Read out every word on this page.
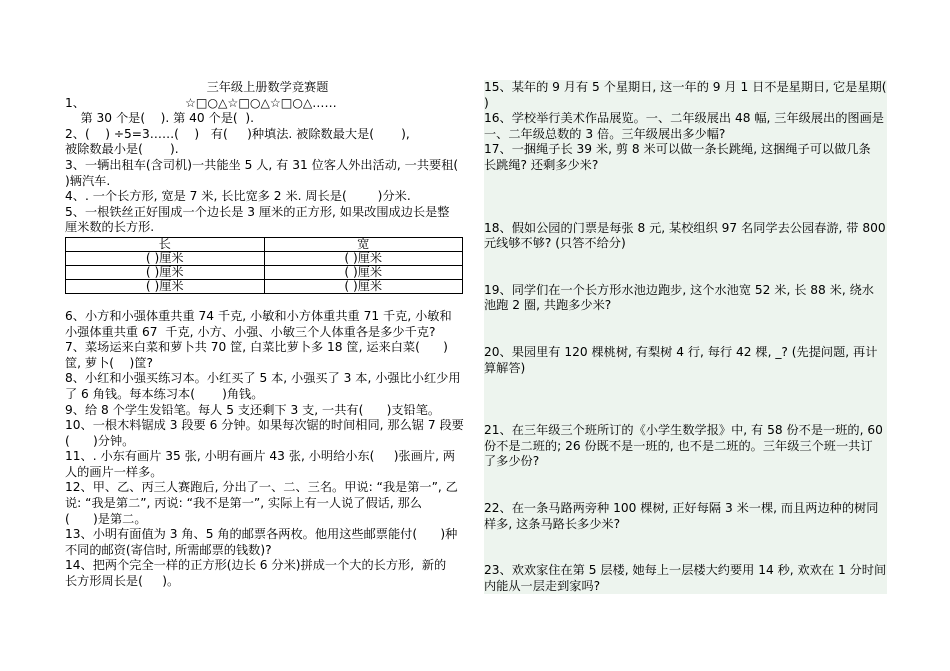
三年级上册数学竞赛题
1、	☆□○△☆□○△☆□○△……
第 30 个是(    ). 第 40 个是(  ).
2、(    ) ÷5=3……(    )   有(     )种填法. 被除数最大是(       ),
被除数最小是(       ).
3、一辆出租车(含司机)一共能坐 5 人, 有 31 位客人外出活动, 一共要租(
)辆汽车.
4、. 一个长方形, 宽是 7 米, 长比宽多 2 米. 周长是(        )分米.
5、一根铁丝正好围成一个边长是 3 厘米的正方形, 如果改围成边长是整
厘米数的长方形.
长	宽
( )厘米	( )厘米
( )厘米	( )厘米
( )厘米	( )厘米
6、小方和小强体重共重 74 千克, 小敏和小方体重共重 71 千克, 小敏和
小强体重共重 67  千克, 小方、小强、小敏三个人体重各是多少千克?
7、菜场运来白菜和萝卜共 70 筐, 白菜比萝卜多 18 筐, 运来白菜(      )
筐, 萝卜(    )筐?
8、小红和小强买练习本。小红买了 5 本, 小强买了 3 本, 小强比小红少用
了 6 角钱。每本练习本(       )角钱。
9、给 8 个学生发铅笔。每人 5 支还剩下 3 支, 一共有(      )支铅笔。
10、一根木料锯成 3 段要 6 分钟。如果每次锯的时间相同, 那么锯 7 段要
(      )分钟。
11、. 小东有画片 35 张, 小明有画片 43 张, 小明给小东(     )张画片, 两
人的画片一样多。
12、甲、乙、丙三人赛跑后, 分出了一、二、三名。甲说: “我是第一”, 乙
说: “我是第二”, 丙说: “我不是第一”, 实际上有一人说了假话, 那么
(      )是第二。
13、小明有面值为 3 角、5 角的邮票各两枚。他用这些邮票能付(      )种
不同的邮资(寄信时, 所需邮票的钱数)?
14、把两个完全一样的正方形(边长 6 分米)拼成一个大的长方形,  新的
长方形周长是(     )。
15、某年的 9 月有 5 个星期日, 这一年的 9 月 1 日不是星期日, 它是星期(
)
16、学校举行美术作品展览。一、二年级展出 48 幅, 三年级展出的图画是
一、二年级总数的 3 倍。三年级展出多少幅?
17、一捆绳子长 39 米, 剪 8 米可以做一条长跳绳, 这捆绳子可以做几条
长跳绳? 还剩多少米?
18、假如公园的门票是每张 8 元, 某校组织 97 名同学去公园春游, 带 800
元线够不够? (只答不给分)
19、同学们在一个长方形水池边跑步, 这个水池宽 52 米, 长 88 米, 绕水
池跑 2 圈, 共跑多少米?
20、果园里有 120 棵桃树, 有梨树 4 行, 每行 42 棵, _? (先提问题, 再计
算解答)
21、在三年级三个班所订的《小学生数学报》中, 有 58 份不是一班的, 60
份不是二班的; 26 份既不是一班的, 也不是二班的。三年级三个班一共订
了多少份?
22、在一条马路两旁种 100 棵树, 正好每隔 3 米一棵, 而且两边种的树同
样多, 这条马路长多少米?
23、欢欢家住在第 5 层楼, 她每上一层楼大约要用 14 秒, 欢欢在 1 分时间
内能从一层走到家吗?
